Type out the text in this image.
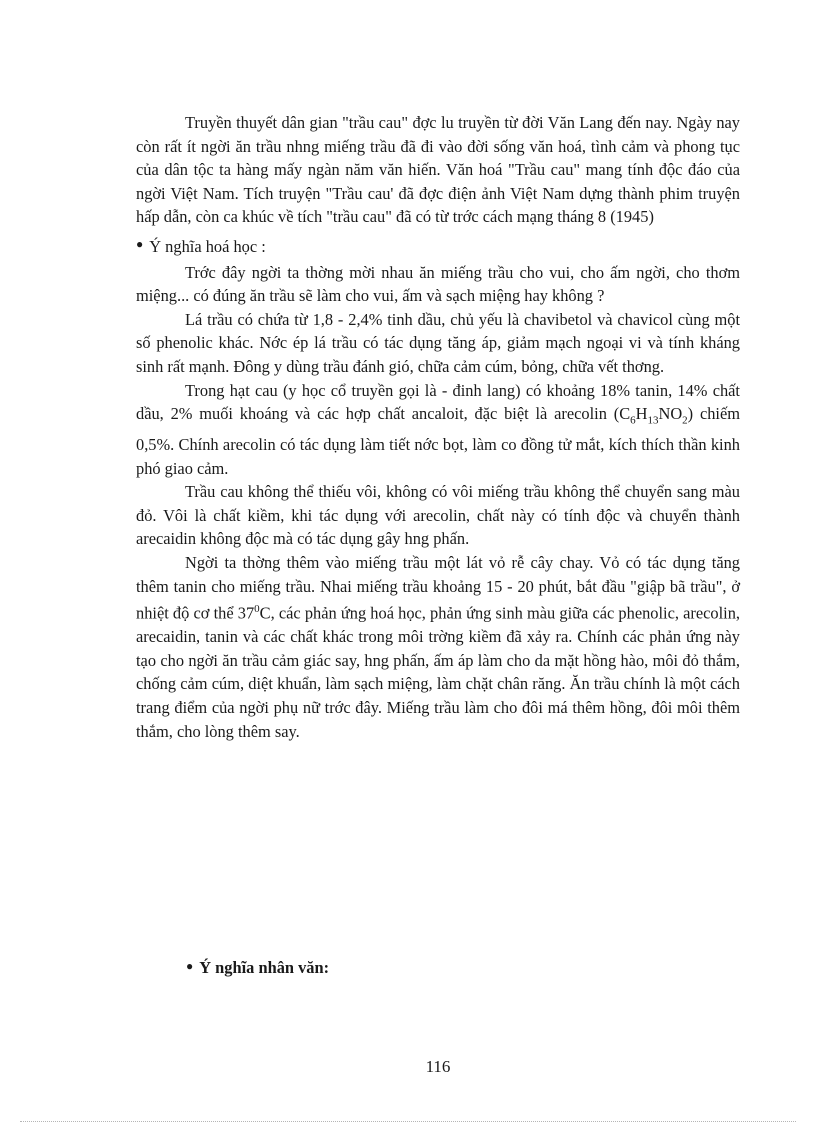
Truyền thuyết dân gian "trầu cau" đợc lu truyền từ đời Văn Lang đến nay. Ngày nay còn rất ít ngời ăn trầu nhng miếng trầu đã đi vào đời sống văn hoá, tình cảm và phong tục của dân tộc ta hàng mấy ngàn năm văn hiến. Văn hoá "Trầu cau" mang tính độc đáo của ngời Việt Nam. Tích truyện "Trầu cau' đã đợc điện ảnh Việt Nam dựng thành phim truyện hấp dẫn, còn ca khúc về tích "trầu cau" đã có từ trớc cách mạng tháng 8 (1945)

● Ý nghĩa hoá học :

Trớc đây ngời ta thờng mời nhau ăn miếng trầu cho vui, cho ấm ngời, cho thơm miệng... có đúng ăn trầu sẽ làm cho vui, ấm và sạch miệng hay không ?

Lá trầu có chứa từ 1,8 - 2,4% tinh dầu, chủ yếu là chavibetol và chavicol cùng một số phenolic khác. Nớc ép lá trầu có tác dụng tăng áp, giảm mạch ngoại vi và tính kháng sinh rất mạnh. Đông y dùng trầu đánh gió, chữa cảm cúm, bỏng, chữa vết thơng.

Trong hạt cau (y học cổ truyền gọi là - đinh lang) có khoảng 18% tanin, 14% chất dầu, 2% muối khoáng và các hợp chất ancaloit, đặc biệt là arecolin $(C_6H_{13}NO_2)$ chiếm 0,5%. Chính arecolin có tác dụng làm tiết nớc bọt, làm co đồng tử mắt, kích thích thần kinh phó giao cảm.

Trầu cau không thể thiếu vôi, không có vôi miếng trầu không thể chuyển sang màu đỏ. Vôi là chất kiềm, khi tác dụng với arecolin, chất này có tính độc và chuyển thành arecaidin không độc mà có tác dụng gây hng phấn.

Ngời ta thờng thêm vào miếng trầu một lát vỏ rễ cây chay. Vỏ có tác dụng tăng thêm tanin cho miếng trầu. Nhai miếng trầu khoảng 15 - 20 phút, bắt đầu "giập bã trầu", ở nhiệt độ cơ thể $37^0C$, các phản ứng hoá học, phản ứng sinh màu giữa các phenolic, arecolin, arecaidin, tanin và các chất khác trong môi trờng kiềm đã xảy ra. Chính các phản ứng này tạo cho ngời ăn trầu cảm giác say, hng phấn, ấm áp làm cho da mặt hồng hào, môi đỏ thắm, chống cảm cúm, diệt khuẩn, làm sạch miệng, làm chặt chân răng. Ăn trầu chính là một cách trang điểm của ngời phụ nữ trớc đây. Miếng trầu làm cho đôi má thêm hồng, đôi môi thêm thắm, cho lòng thêm say.

● Ý nghĩa nhân văn:
116
